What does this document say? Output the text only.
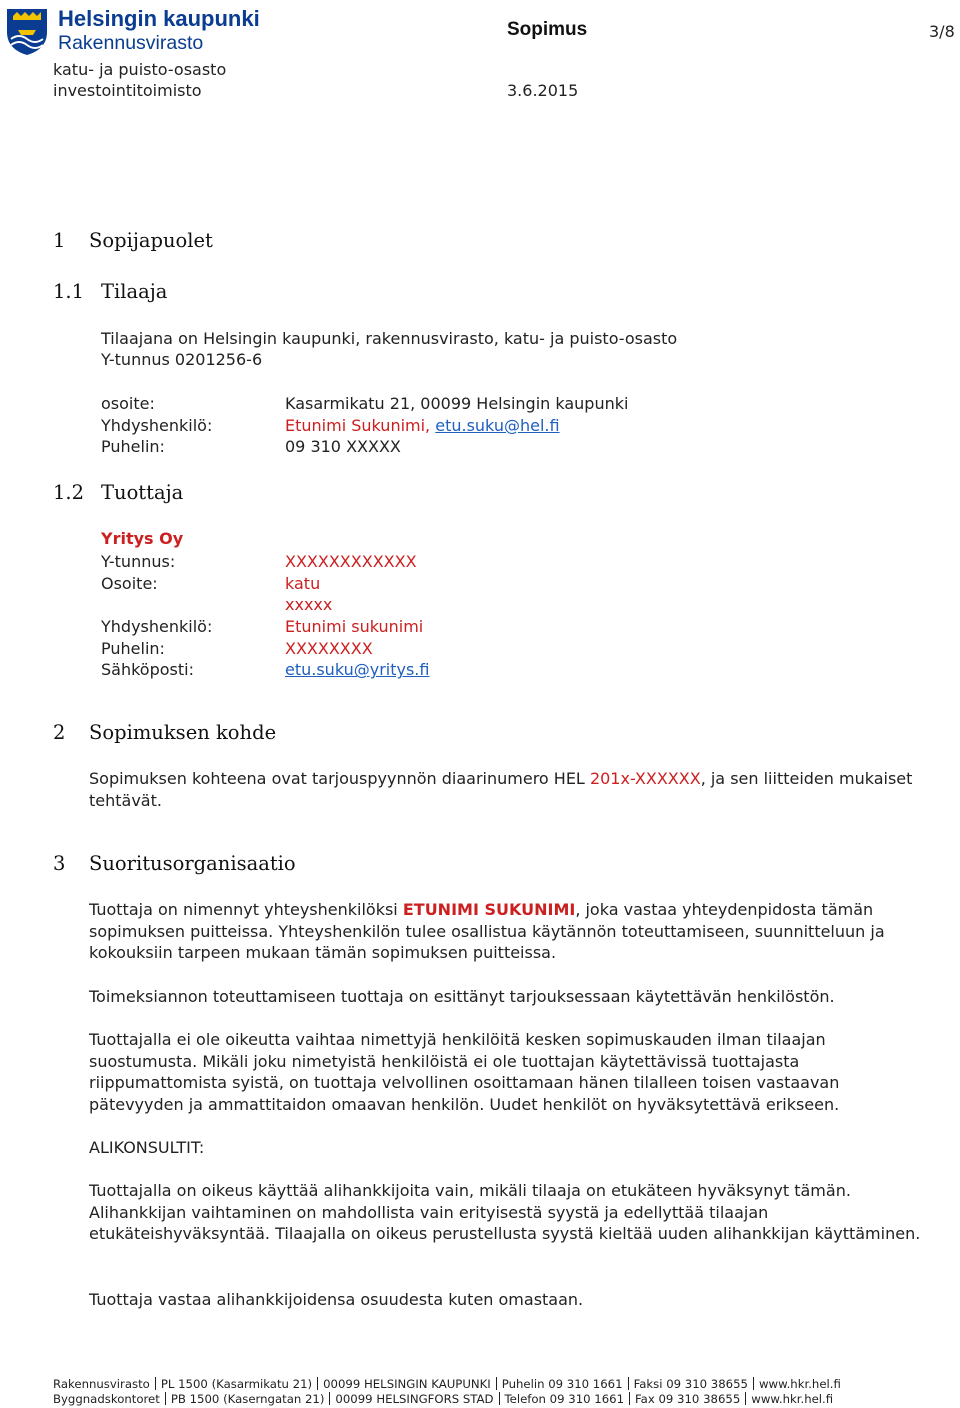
Helsingin kaupunki
Rakennusvirasto
katu- ja puisto-osasto
investointitoimisto
Sopimus	3/8
3.6.2015
1 Sopijapuolet
1.1 Tilaaja
Tilaajana on Helsingin kaupunki, rakennusvirasto, katu- ja puisto-osasto
Y-tunnus 0201256-6
osoite:	Kasarmikatu 21, 00099 Helsingin kaupunki
Yhdyshenkilö:	Etunimi Sukunimi, etu.suku@hel.fi
Puhelin:	09 310 XXXXX
1.2 Tuottaja
Yritys Oy
Y-tunnus:	XXXXXXXXXXXX
Osoite:	katu
xxxxx
Yhdyshenkilö:	Etunimi sukunimi
Puhelin:	XXXXXXXX
Sähköposti:	etu.suku@yritys.fi
2 Sopimuksen kohde
Sopimuksen kohteena ovat tarjouspyynnön diaarinumero HEL 201x-XXXXXX, ja sen liitteiden mukaiset tehtävät.
3 Suoritusorganisaatio
Tuottaja on nimennyt yhteyshenkilöksi ETUNIMI SUKUNIMI, joka vastaa yhteydenpidosta tämän sopimuksen puitteissa. Yhteyshenkilön tulee osallistua käytännön toteuttamiseen, suunnitteluun ja kokouksiin tarpeen mukaan tämän sopimuksen puitteissa.
Toimeksiannon toteuttamiseen tuottaja on esittänyt tarjouksessaan käytettävän henkilöstön.
Tuottajalla ei ole oikeutta vaihtaa nimettyjä henkilöitä kesken sopimuskauden ilman tilaajan suostumusta. Mikäli joku nimetyistä henkilöistä ei ole tuottajan käytettävissä tuottajasta riippumattomista syistä, on tuottaja velvollinen osoittamaan hänen tilalleen toisen vastaavan pätevyyden ja ammattitaidon omaavan henkilön. Uudet henkilöt on hyväksytettävä erikseen.
ALIKONSULTIT:
Tuottajalla on oikeus käyttää alihankkijoita vain, mikäli tilaaja on etukäteen hyväksynyt tämän. Alihankkijan vaihtaminen on mahdollista vain erityisestä syystä ja edellyttää tilaajan etukäteishyväksyntää. Tilaajalla on oikeus perustellusta syystä kieltää uuden alihankkijan käyttäminen.
Tuottaja vastaa alihankkijoidensa osuudesta kuten omastaan.
Rakennusvirasto PL 1500 (Kasarmikatu 21) 00099 HELSINGIN KAUPUNKI Puhelin 09 310 1661 Faksi 09 310 38655 www.hkr.hel.fi
Byggnadskontoret PB 1500 (Kaserngatan 21) 00099 HELSINGFORS STAD Telefon 09 310 1661 Fax 09 310 38655 www.hkr.hel.fi
